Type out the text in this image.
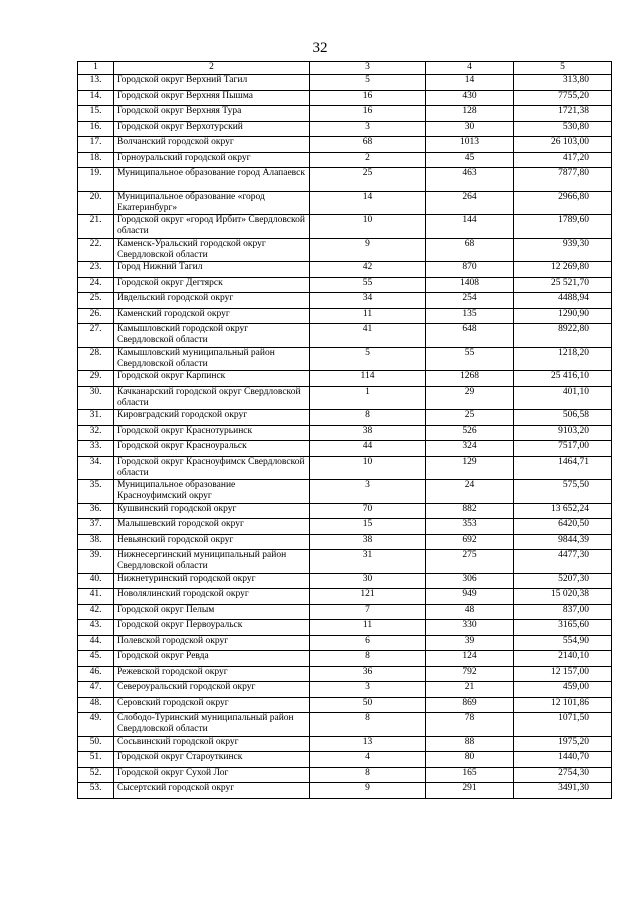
32
1	2	3	4	5
13.	Городской округ Верхний Тагил	5	14	313,80
14.	Городской округ Верхняя Пышма	16	430	7755,20
15.	Городской округ Верхняя Тура	16	128	1721,38
16.	Городской округ Верхотурский	3	30	530,80
17.	Волчанский городской округ	68	1013	26 103,00
18.	Горноуральский городской округ	2	45	417,20
19.	Муниципальное образование город Алапаевск	25	463	7877,80
20.	Муниципальное образование «город Екатеринбург»	14	264	2966,80
21.	Городской округ «город Ирбит» Свердловской области	10	144	1789,60
22.	Каменск-Уральский городской округ Свердловской области	9	68	939,30
23.	Город Нижний Тагил	42	870	12 269,80
24.	Городской округ Дегтярск	55	1408	25 521,70
25.	Ивдельский городской округ	34	254	4488,94
26.	Каменский городской округ	11	135	1290,90
27.	Камышловский городской округ Свердловской области	41	648	8922,80
28.	Камышловский муниципальный район Свердловской области	5	55	1218,20
29.	Городской округ Карпинск	114	1268	25 416,10
30.	Качканарский городской округ Свердловской области	1	29	401,10
31.	Кировградский городской округ	8	25	506,58
32.	Городской округ Краснотурьинск	38	526	9103,20
33.	Городской округ Красноуральск	44	324	7517,00
34.	Городской округ Красноуфимск Свердловской области	10	129	1464,71
35.	Муниципальное образование Красноуфимский округ	3	24	575,50
36.	Кушвинский городской округ	70	882	13 652,24
37.	Малышевский городской округ	15	353	6420,50
38.	Невьянский городской округ	38	692	9844,39
39.	Нижнесергинский муниципальный район Свердловской области	31	275	4477,30
40.	Нижнетуринский городской округ	30	306	5207,30
41.	Новолялинский городской округ	121	949	15 020,38
42.	Городской округ Пелым	7	48	837,00
43.	Городской округ Первоуральск	11	330	3165,60
44.	Полевской городской округ	6	39	554,90
45.	Городской округ Ревда	8	124	2140,10
46.	Режевской городской округ	36	792	12 157,00
47.	Североуральский городской округ	3	21	459,00
48.	Серовский городской округ	50	869	12 101,86
49.	Слободо-Туринский муниципальный район Свердловской области	8	78	1071,50
50.	Сосьвинский городской округ	13	88	1975,20
51.	Городской округ Староуткинск	4	80	1440,70
52.	Городской округ Сухой Лог	8	165	2754,30
53.	Сысертский городской округ	9	291	3491,30
